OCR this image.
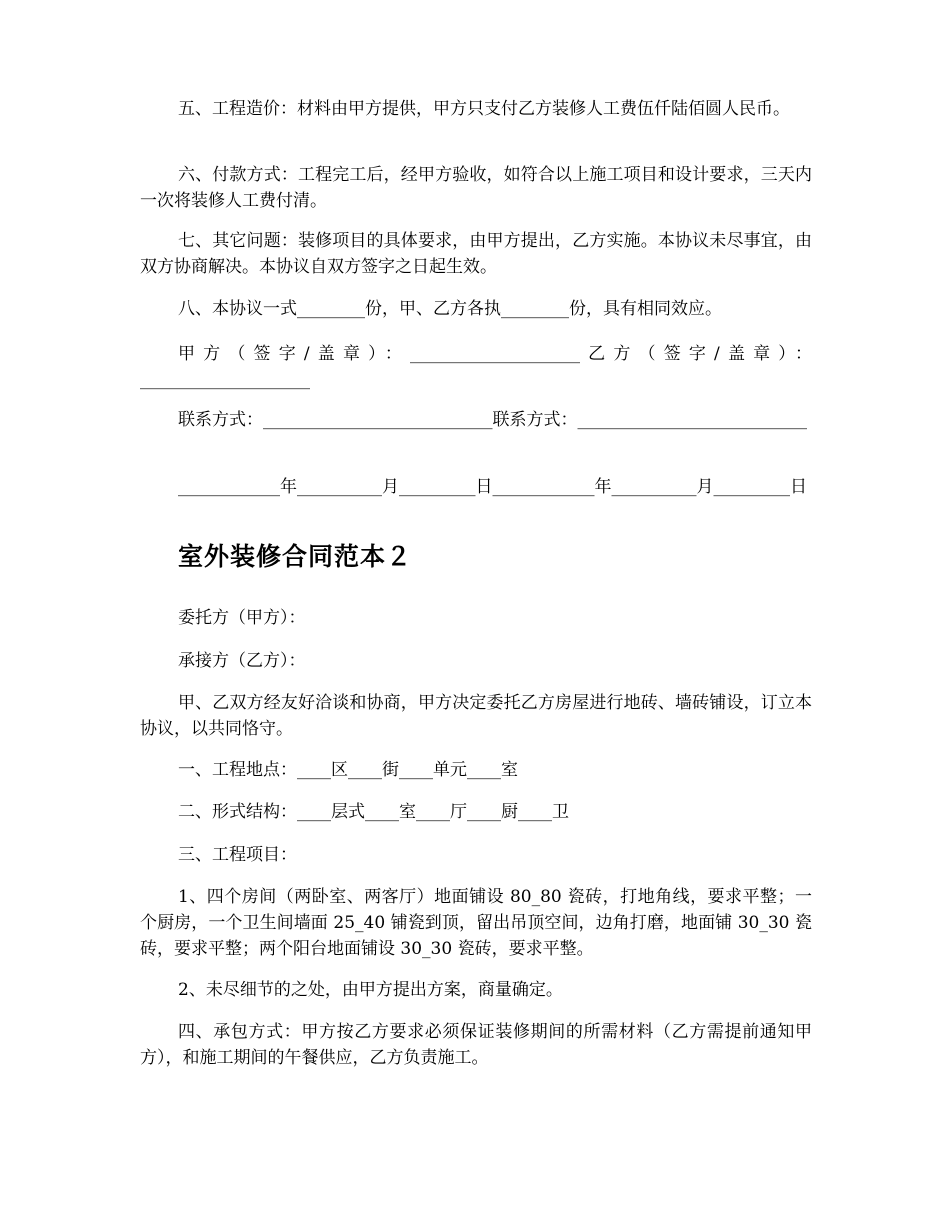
五、工程造价：材料由甲方提供，甲方只支付乙方装修人工费伍仟陆佰圆人民币。

六、付款方式：工程完工后，经甲方验收，如符合以上施工项目和设计要求，三天内一次将装修人工费付清。

七、其它问题：装修项目的具体要求，由甲方提出，乙方实施。本协议未尽事宜，由双方协商解决。本协议自双方签字之日起生效。

八、本协议一式________份，甲、乙方各执________份，具有相同效应。

甲方（签字/盖章）：____________________乙方（签字/盖章）：____________________

联系方式：___________________________联系方式：___________________________

____________年__________月_________日____________年__________月_________日

室外装修合同范本２

委托方（甲方）：

承接方（乙方）：

甲、乙双方经友好洽谈和协商，甲方决定委托乙方房屋进行地砖、墙砖铺设，订立本协议，以共同恪守。

一、工程地点：____区____街____单元____室

二、形式结构：____层式____室____厅____厨____卫

三、工程项目：

1、四个房间（两卧室、两客厅）地面铺设 80_80 瓷砖，打地角线，要求平整；一个厨房，一个卫生间墙面 25_40 铺瓷到顶，留出吊顶空间，边角打磨，地面铺 30_30 瓷砖，要求平整；两个阳台地面铺设 30_30 瓷砖，要求平整。

2、未尽细节的之处，由甲方提出方案，商量确定。

四、承包方式：甲方按乙方要求必须保证装修期间的所需材料（乙方需提前通知甲方），和施工期间的午餐供应，乙方负责施工。
